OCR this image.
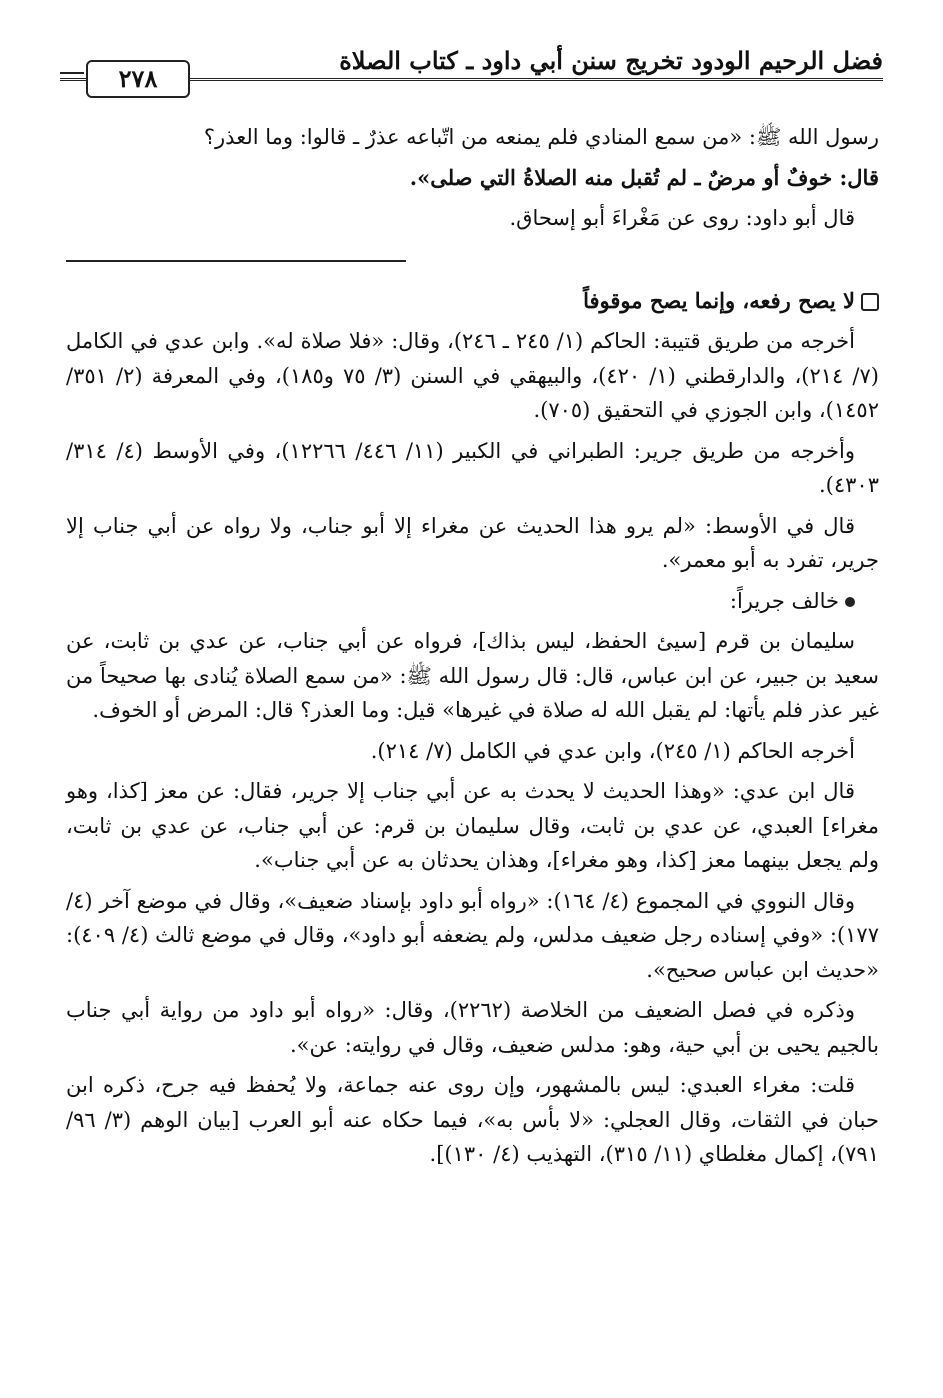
فضل الرحيم الودود تخريج سنن أبي داود ـ كتاب الصلاة
٢٧٨

رسول الله ﷺ: «من سمع المنادي فلم يمنعه من اتّباعه عذرٌ ـ قالوا: وما العذر؟

قال: خوفٌ أو مرضٌ ـ لم تُقبل منه الصلاةُ التي صلى».

قال أبو داود: روى عن مَغْراءَ أبو إسحاق.

لا يصح رفعه، وإنما يصح موقوفاً

أخرجه من طريق قتيبة: الحاكم (١/ ٢٤٥ ـ ٢٤٦)، وقال: «فلا صلاة له». وابن عدي في الكامل (٧/ ٢١٤)، والدارقطني (١/ ٤٢٠)، والبيهقي في السنن (٣/ ٧٥ و١٨٥)، وفي المعرفة (٢/ ٣٥١/ ١٤٥٢)، وابن الجوزي في التحقيق (٧٠٥).

وأخرجه من طريق جرير: الطبراني في الكبير (١١/ ٤٤٦/ ١٢٢٦٦)، وفي الأوسط (٤/ ٣١٤/ ٤٣٠٣).

قال في الأوسط: «لم يرو هذا الحديث عن مغراء إلا أبو جناب، ولا رواه عن أبي جناب إلا جرير، تفرد به أبو معمر».

خالف جريراً:

سليمان بن قرم [سيئ الحفظ، ليس بذاك]، فرواه عن أبي جناب، عن عدي بن ثابت، عن سعيد بن جبير، عن ابن عباس، قال: قال رسول الله ﷺ: «من سمع الصلاة يُنادى بها صحيحاً من غير عذر فلم يأتها: لم يقبل الله له صلاة في غيرها» قيل: وما العذر؟ قال: المرض أو الخوف.

أخرجه الحاكم (١/ ٢٤٥)، وابن عدي في الكامل (٧/ ٢١٤).

قال ابن عدي: «وهذا الحديث لا يحدث به عن أبي جناب إلا جرير، فقال: عن معز [كذا، وهو مغراء] العبدي، عن عدي بن ثابت، وقال سليمان بن قرم: عن أبي جناب، عن عدي بن ثابت، ولم يجعل بينهما معز [كذا، وهو مغراء]، وهذان يحدثان به عن أبي جناب».

وقال النووي في المجموع (٤/ ١٦٤): «رواه أبو داود بإسناد ضعيف»، وقال في موضع آخر (٤/ ١٧٧): «وفي إسناده رجل ضعيف مدلس، ولم يضعفه أبو داود»، وقال في موضع ثالث (٤/ ٤٠٩): «حديث ابن عباس صحيح».

وذكره في فصل الضعيف من الخلاصة (٢٢٦٢)، وقال: «رواه أبو داود من رواية أبي جناب بالجيم يحيى بن أبي حية، وهو: مدلس ضعيف، وقال في روايته: عن».

قلت: مغراء العبدي: ليس بالمشهور، وإن روى عنه جماعة، ولا يُحفظ فيه جرح، ذكره ابن حبان في الثقات، وقال العجلي: «لا بأس به»، فيما حكاه عنه أبو العرب [بيان الوهم (٣/ ٩٦/ ٧٩١)، إكمال مغلطاي (١١/ ٣١٥)، التهذيب (٤/ ١٣٠)].
